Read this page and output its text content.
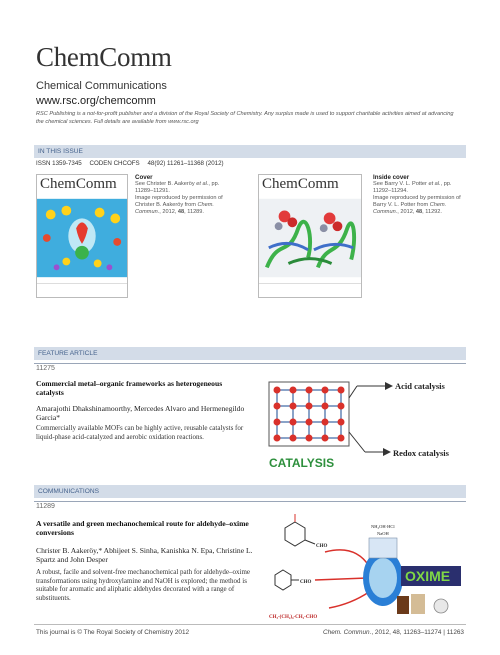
ChemComm
Chemical Communications
www.rsc.org/chemcomm
RSC Publishing is a not-for-profit publisher and a division of the Royal Society of Chemistry. Any surplus made is used to support charitable activities aimed at advancing the chemical sciences. Full details are available from www.rsc.org
IN THIS ISSUE
ISSN 1359-7345 CODEN CHCOFS 48(92) 11261–11368 (2012)
ChemComm	Cover
See Christer B. Aakeröy et al., pp. 11289–11291.
Image reproduced by permission of Christer B. Aakeröy from Chem. Commun., 2012, 48, 11289.
ChemComm	Inside cover
See Barry V. L. Potter et al., pp. 11292–11294.
Image reproduced by permission of Barry V. L. Potter from Chem. Commun., 2012, 48, 11292.
FEATURE ARTICLE
11275
Commercial metal–organic frameworks as heterogeneous catalysts
Amarajothi Dhakshinamoorthy, Mercedes Alvaro and Hermenegildo Garcia*
Commercially available MOFs can be highly active, reusable catalysts for liquid-phase acid-catalyzed and aerobic oxidation reactions.
Acid catalysis
Redox catalysis
CATALYSIS
COMMUNICATIONS
11289
A versatile and green mechanochemical route for aldehyde–oxime conversions
Christer B. Aakeröy,* Abhijeet S. Sinha, Kanishka N. Epa, Christine L. Spartz and John Desper
A robust, facile and solvent-free mechanochemical path for aldehyde–oxime transformations using hydroxylamine and NaOH is explored; the method is suitable for aromatic and aliphatic aldehydes decorated with a range of substituents.
CHO
CHO
CH₃-(CH₂)₄-CH₂-CHO
NH₂OH·HCl
NaOH
OXIME
This journal is © The Royal Society of Chemistry 2012	Chem. Commun., 2012, 48, 11263–11274 | 11263
